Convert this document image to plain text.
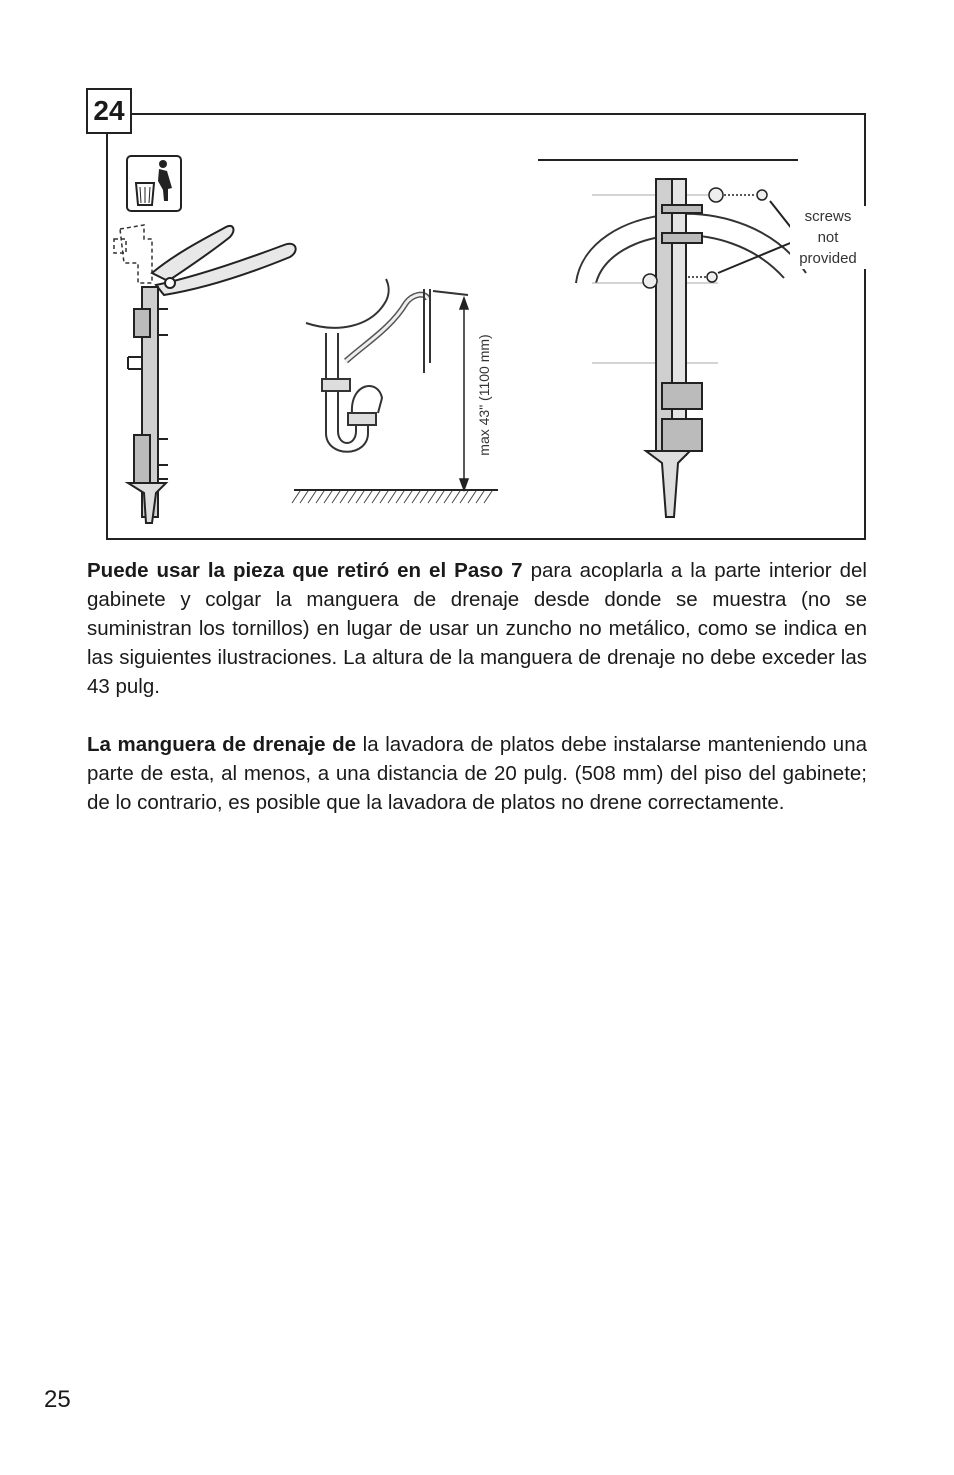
24
screws
not
provided
max 43" (1100 mm)

Puede usar la pieza que retiró en el Paso 7 para acoplarla a la parte interior del gabinete y colgar la manguera de drenaje desde donde se muestra (no se suministran los tornillos) en lugar de usar un zuncho no metálico, como se indica en las siguientes ilustraciones. La altura de la manguera de drenaje no debe exceder las 43 pulg.

La manguera de drenaje de la lavadora de platos debe instalarse manteniendo una parte de esta, al menos, a una distancia de 20 pulg. (508 mm) del piso del gabinete; de lo contrario, es posible que la lavadora de platos no drene correctamente.

25
